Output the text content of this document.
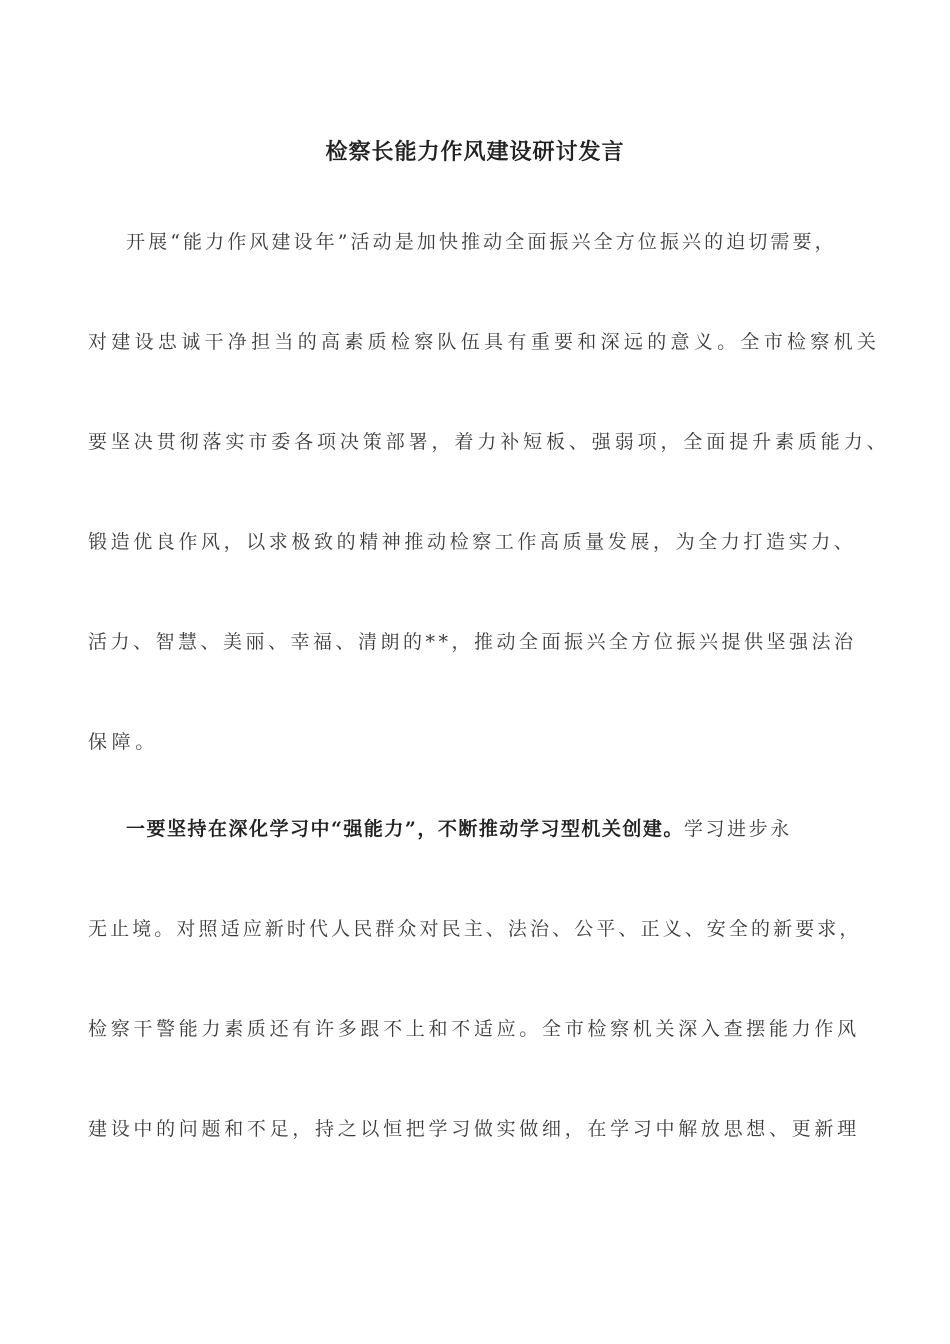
检察长能力作风建设研讨发言
开展“能力作风建设年”活动是加快推动全面振兴全方位振兴的迫切需要，
对建设忠诚干净担当的高素质检察队伍具有重要和深远的意义。全市检察机关
要坚决贯彻落实市委各项决策部署，着力补短板、强弱项，全面提升素质能力、
锻造优良作风，以求极致的精神推动检察工作高质量发展，为全力打造实力、
活力、智慧、美丽、幸福、清朗的**，推动全面振兴全方位振兴提供坚强法治
保障。
一要坚持在深化学习中“强能力”，不断推动学习型机关创建。学习进步永
无止境。对照适应新时代人民群众对民主、法治、公平、正义、安全的新要求，
检察干警能力素质还有许多跟不上和不适应。全市检察机关深入查摆能力作风
建设中的问题和不足，持之以恒把学习做实做细，在学习中解放思想、更新理
